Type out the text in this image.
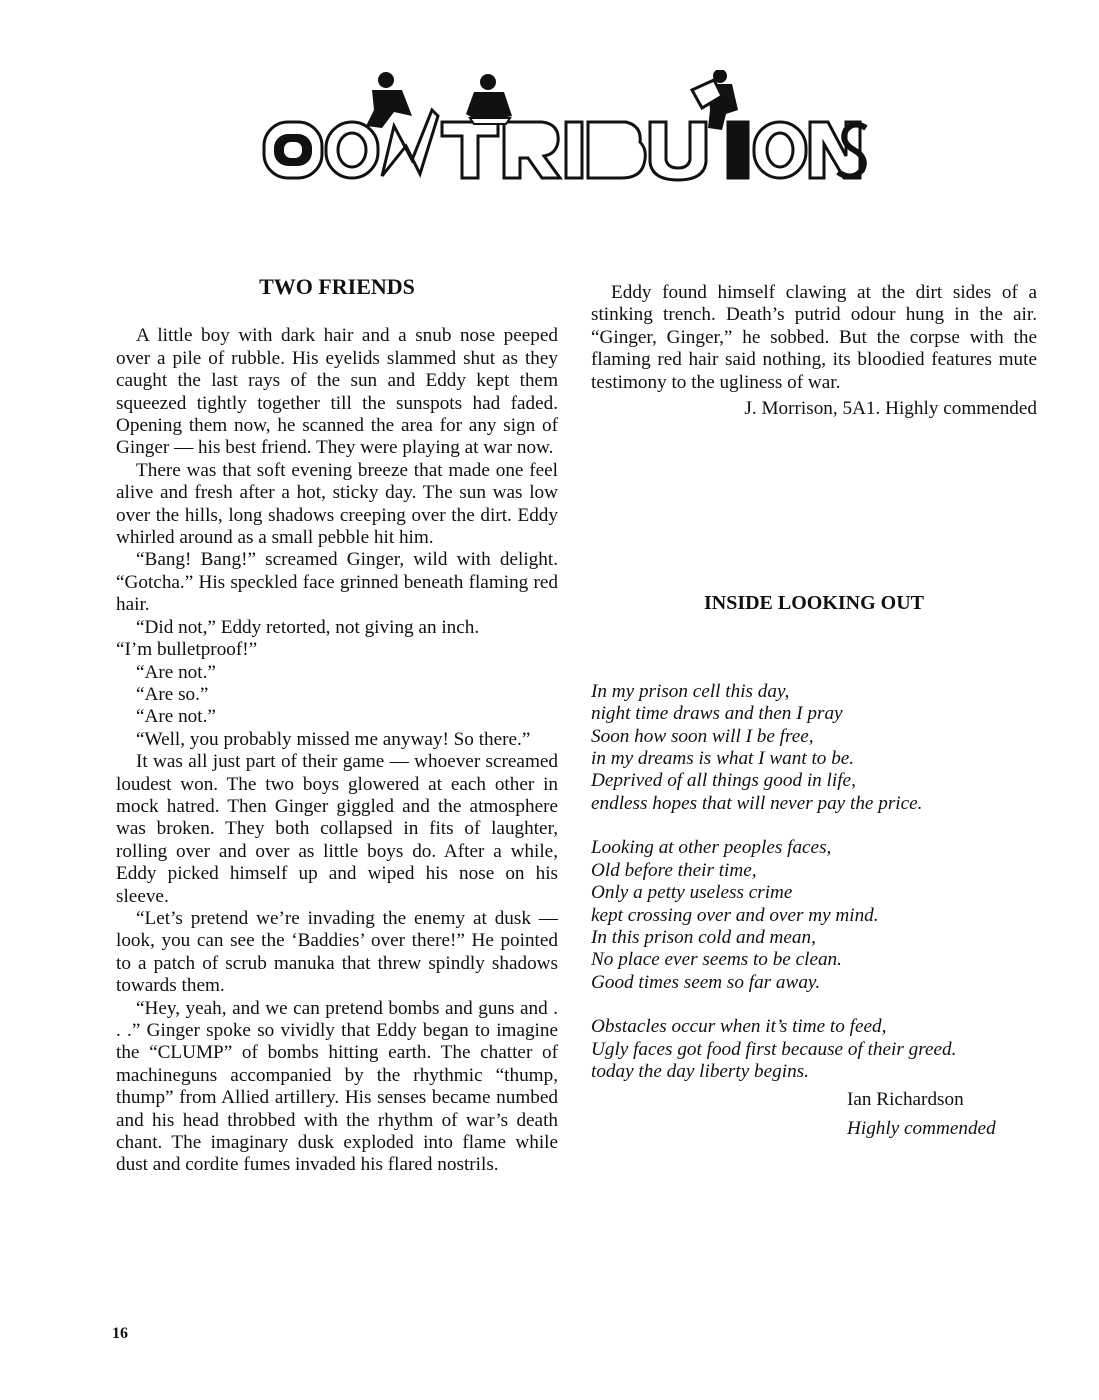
TWO FRIENDS

A little boy with dark hair and a snub nose peeped over a pile of rubble. His eyelids slammed shut as they caught the last rays of the sun and Eddy kept them squeezed tightly together till the sunspots had faded. Opening them now, he scanned the area for any sign of Ginger — his best friend. They were playing at war now.

There was that soft evening breeze that made one feel alive and fresh after a hot, sticky day. The sun was low over the hills, long shadows creeping over the dirt. Eddy whirled around as a small pebble hit him.

“Bang! Bang!” screamed Ginger, wild with delight. “Gotcha.” His speckled face grinned beneath flaming red hair.

“Did not,” Eddy retorted, not giving an inch.

“I’m bulletproof!”

“Are not.”

“Are so.”

“Are not.”

“Well, you probably missed me anyway! So there.”

It was all just part of their game — whoever screamed loudest won. The two boys glowered at each other in mock hatred. Then Ginger giggled and the atmosphere was broken. They both collapsed in fits of laughter, rolling over and over as little boys do. After a while, Eddy picked himself up and wiped his nose on his sleeve.

“Let’s pretend we’re invading the enemy at dusk — look, you can see the ‘Baddies’ over there!” He pointed to a patch of scrub manuka that threw spindly shadows towards them.

“Hey, yeah, and we can pretend bombs and guns and . . .” Ginger spoke so vividly that Eddy began to imagine the “CLUMP” of bombs hitting earth. The chatter of machineguns accompanied by the rhythmic “thump, thump” from Allied artillery. His senses became numbed and his head throbbed with the rhythm of war’s death chant. The imaginary dusk exploded into flame while dust and cordite fumes invaded his flared nostrils.

Eddy found himself clawing at the dirt sides of a stinking trench. Death’s putrid odour hung in the air. “Ginger, Ginger,” he sobbed. But the corpse with the flaming red hair said nothing, its bloodied features mute testimony to the ugliness of war.

J. Morrison, 5A1. Highly commended

INSIDE LOOKING OUT
In my prison cell this day,
night time draws and then I pray
Soon how soon will I be free,
in my dreams is what I want to be.
Deprived of all things good in life,
endless hopes that will never pay the price.
Looking at other peoples faces,
Old before their time,
Only a petty useless crime
kept crossing over and over my mind.
In this prison cold and mean,
No place ever seems to be clean.
Good times seem so far away.
Obstacles occur when it’s time to feed,
Ugly faces got food first because of their greed.
today the day liberty begins.
Ian Richardson
Highly commended
16
